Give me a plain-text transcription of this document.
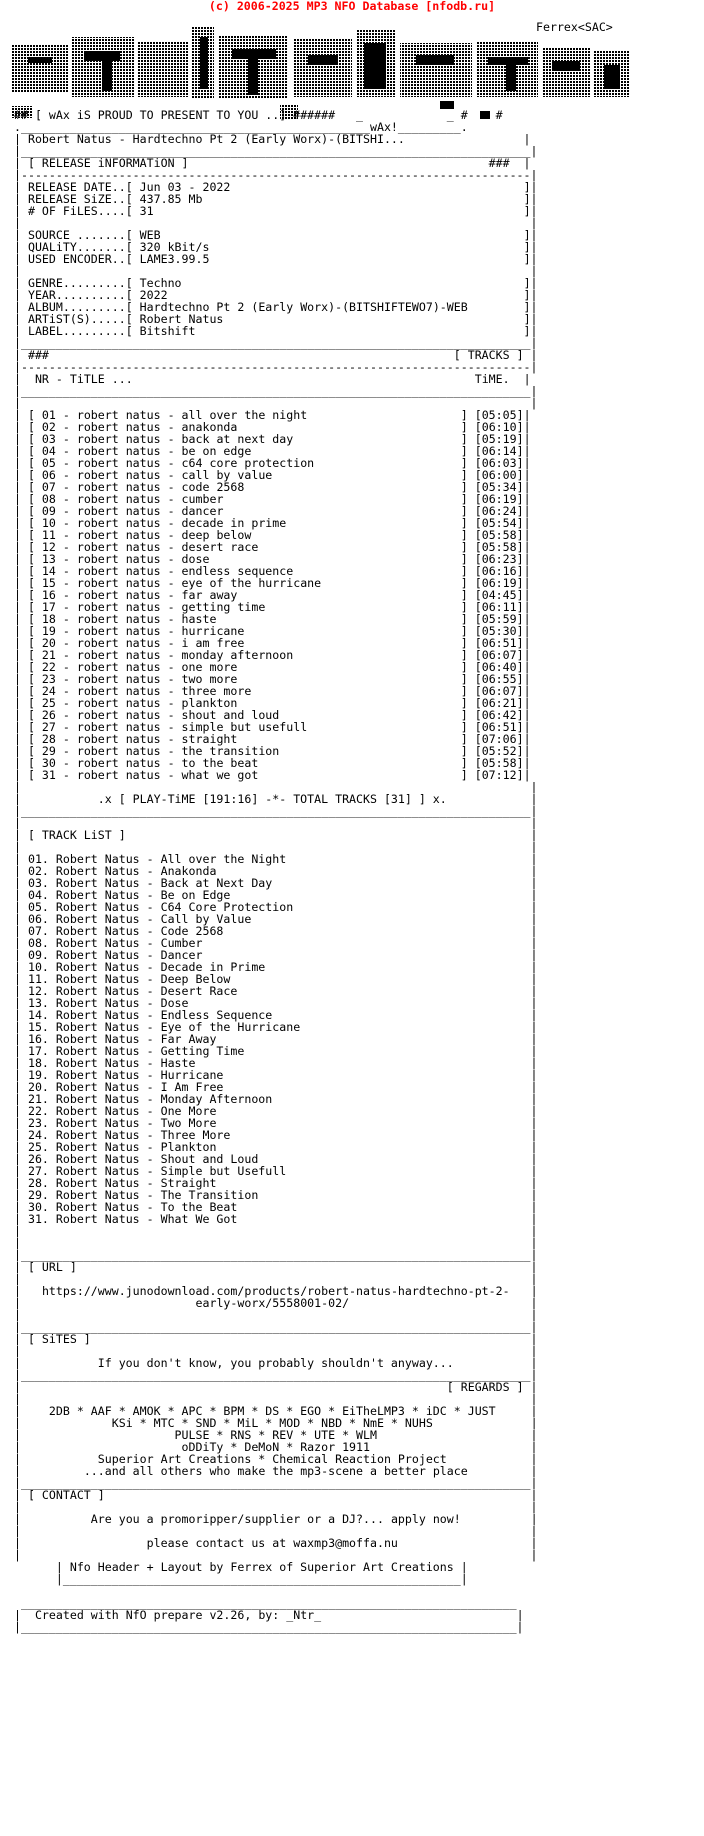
(c) 2006-2025 MP3 NFO Database [nfodb.ru]
Ferrex<SAC>

## [ wAx iS PROUD TO PRESENT TO YOU ..] ######   _            _ #    #
.__________________________________________________wAx!_________.
| Robert Natus - Hardtechno Pt 2 (Early Worx)-(BITSHI...                 |
|_________________________________________________________________________|
| [ RELEASE iNFORMATiON ]                                           ###  |
|-------------------------------------------------------------------------|
| RELEASE DATE..[ Jun 03 - 2022                                          ]|
| RELEASE SiZE..[ 437.85 Mb                                              ]|
| # OF FiLES....[ 31                                                     ]|
|                                                                         |
| SOURCE .......[ WEB                                                    ]|
| QUALiTY.......[ 320 kBit/s                                             ]|
| USED ENCODER..[ LAME3.99.5                                             ]|
|                                                                         |
| GENRE.........[ Techno                                                 ]|
| YEAR..........[ 2022                                                   ]|
| ALBUM.........[ Hardtechno Pt 2 (Early Worx)-(BITSHIFTEWO7)-WEB        ]|
| ARTiST(S).....[ Robert Natus                                           ]|
| LABEL.........[ Bitshift                                               ]|
|_________________________________________________________________________|
| ###	[ TRACKS ] |
|-------------------------------------------------------------------------|
|  NR - TiTLE ...	TiME.  |
|_________________________________________________________________________|
|                                                                         |
| [ 01 - robert natus - all over the night	] [05:05]|
| [ 02 - robert natus - anakonda	] [06:10]|
| [ 03 - robert natus - back at next day	] [05:19]|
| [ 04 - robert natus - be on edge	] [06:14]|
| [ 05 - robert natus - c64 core protection	] [06:03]|
| [ 06 - robert natus - call by value	] [06:00]|
| [ 07 - robert natus - code 2568	] [05:34]|
| [ 08 - robert natus - cumber	] [06:19]|
| [ 09 - robert natus - dancer	] [06:24]|
| [ 10 - robert natus - decade in prime	] [05:54]|
| [ 11 - robert natus - deep below	] [05:58]|
| [ 12 - robert natus - desert race	] [05:58]|
| [ 13 - robert natus - dose	] [06:23]|
| [ 14 - robert natus - endless sequence	] [06:16]|
| [ 15 - robert natus - eye of the hurricane	] [06:19]|
| [ 16 - robert natus - far away	] [04:45]|
| [ 17 - robert natus - getting time	] [06:11]|
| [ 18 - robert natus - haste	] [05:59]|
| [ 19 - robert natus - hurricane	] [05:30]|
| [ 20 - robert natus - i am free	] [06:51]|
| [ 21 - robert natus - monday afternoon	] [06:07]|
| [ 22 - robert natus - one more	] [06:40]|
| [ 23 - robert natus - two more	] [06:55]|
| [ 24 - robert natus - three more	] [06:07]|
| [ 25 - robert natus - plankton	] [06:21]|
| [ 26 - robert natus - shout and loud	] [06:42]|
| [ 27 - robert natus - simple but usefull	] [06:51]|
| [ 28 - robert natus - straight	] [07:06]|
| [ 29 - robert natus - the transition	] [05:52]|
| [ 30 - robert natus - to the beat	] [05:58]|
| [ 31 - robert natus - what we got	] [07:12]|
|                                                                         |
|	.x [ PLAY-TiME [191:16] -*- TOTAL TRACKS [31] ] x.	|
|_________________________________________________________________________|
|                                                                         |
| [ TRACK LiST ]	|
|                                                                         |
| 01. Robert Natus - All over the Night	|
| 02. Robert Natus - Anakonda	|
| 03. Robert Natus - Back at Next Day	|
| 04. Robert Natus - Be on Edge	|
| 05. Robert Natus - C64 Core Protection	|
| 06. Robert Natus - Call by Value	|
| 07. Robert Natus - Code 2568	|
| 08. Robert Natus - Cumber	|
| 09. Robert Natus - Dancer	|
| 10. Robert Natus - Decade in Prime	|
| 11. Robert Natus - Deep Below	|
| 12. Robert Natus - Desert Race	|
| 13. Robert Natus - Dose	|
| 14. Robert Natus - Endless Sequence	|
| 15. Robert Natus - Eye of the Hurricane	|
| 16. Robert Natus - Far Away	|
| 17. Robert Natus - Getting Time	|
| 18. Robert Natus - Haste	|
| 19. Robert Natus - Hurricane	|
| 20. Robert Natus - I Am Free	|
| 21. Robert Natus - Monday Afternoon	|
| 22. Robert Natus - One More	|
| 23. Robert Natus - Two More	|
| 24. Robert Natus - Three More	|
| 25. Robert Natus - Plankton	|
| 26. Robert Natus - Shout and Loud	|
| 27. Robert Natus - Simple but Usefull	|
| 28. Robert Natus - Straight	|
| 29. Robert Natus - The Transition	|
| 30. Robert Natus - To the Beat	|
| 31. Robert Natus - What We Got	|
|                                                                         |
|                                                                         |
|_________________________________________________________________________|
| [ URL ]	|
|                                                                         |
| https://www.junodownload.com/products/robert-natus-hardtechno-pt-2- |
|	early-worx/5558001-02/	|
|                                                                         |
|_________________________________________________________________________|
| [ SiTES ]	|
|                                                                         |
|	If you don't know, you probably shouldn't anyway...	|
|_________________________________________________________________________|
|	[ REGARDS ] |
|                                                                         |
| 2DB * AAF * AMOK * APC * BPM * DS * EGO * EiTheLMP3 * iDC * JUST	|
|	KSi * MTC * SND * MiL * MOD * NBD * NmE * NUHS	|
|	PULSE * RNS * REV * UTE * WLM	|
|	oDDiTy * DeMoN * Razor 1911	|
|	Superior Art Creations * Chemical Reaction Project	|
|	...and all others who make the mp3-scene a better place	|
|_________________________________________________________________________|
| [ CONTACT ]	|
|                                                                         |
|	Are you a promoripper/supplier or a DJ?... apply now!	|
|                                                                         |
|	please contact us at waxmp3@moffa.nu	|
|                                                                         |
| Nfo Header + Layout by Ferrex of Superior Art Creations |
|_________________________________________________________|

_______________________________________________________________________
|  Created with NfO prepare v2.26, by: _Ntr_	|
|_______________________________________________________________________|
